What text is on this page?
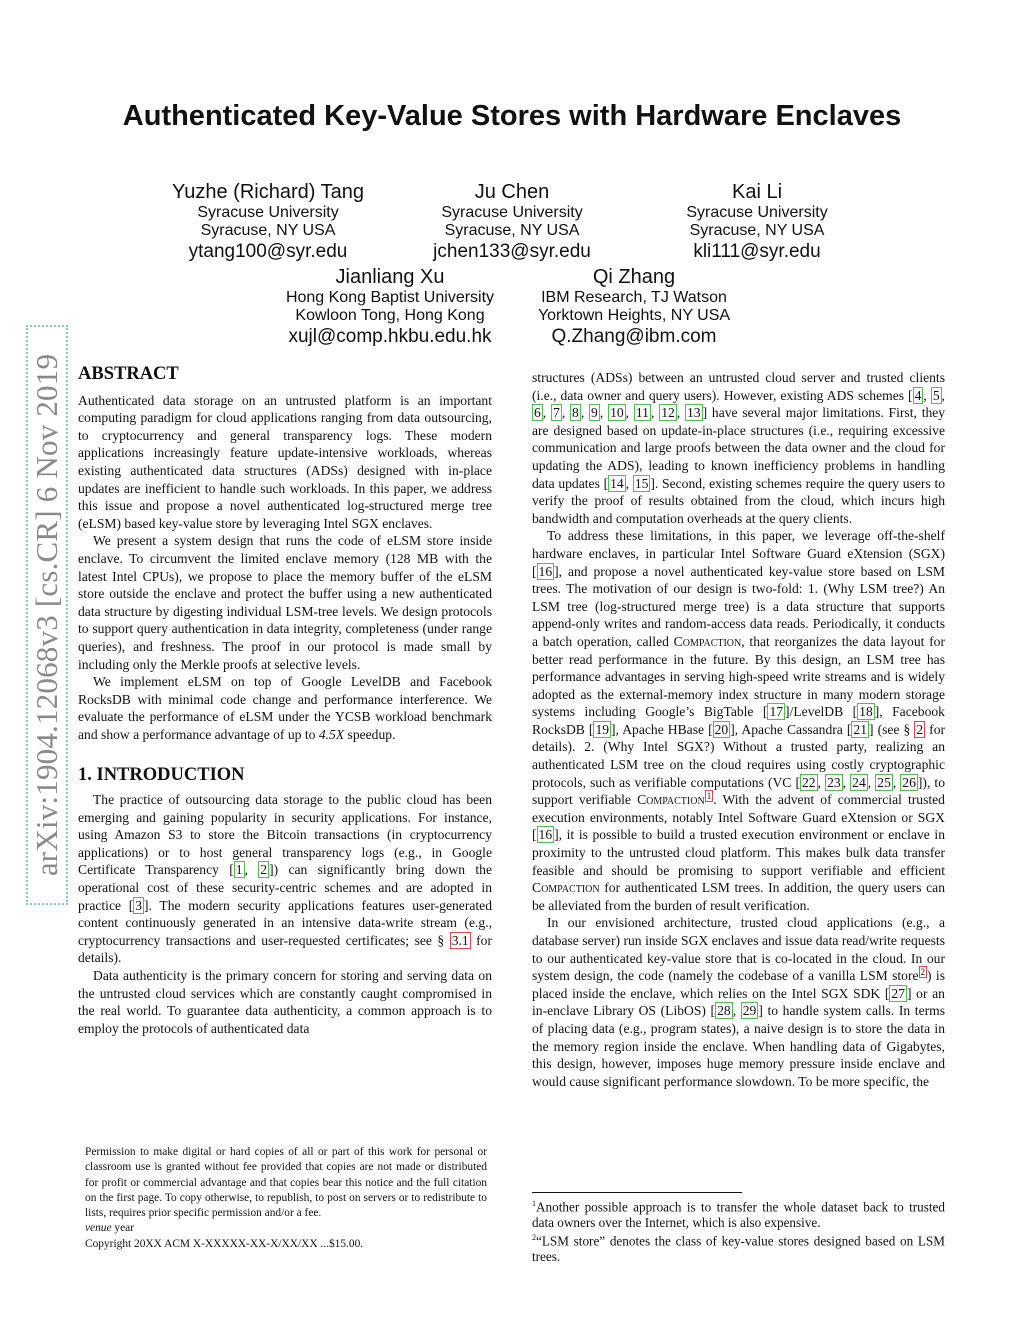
arXiv:1904.12068v3 [cs.CR] 6 Nov 2019
Authenticated Key-Value Stores with Hardware Enclaves
Yuzhe (Richard) Tang
Syracuse University
Syracuse, NY USA
ytang100@syr.edu
Ju Chen
Syracuse University
Syracuse, NY USA
jchen133@syr.edu
Kai Li
Syracuse University
Syracuse, NY USA
kli111@syr.edu
Jianliang Xu
Hong Kong Baptist University
Kowloon Tong, Hong Kong
xujl@comp.hkbu.edu.hk
Qi Zhang
IBM Research, TJ Watson
Yorktown Heights, NY USA
Q.Zhang@ibm.com
ABSTRACT

Authenticated data storage on an untrusted platform is an important computing paradigm for cloud applications ranging from data outsourcing, to cryptocurrency and general transparency logs. These modern applications increasingly feature update-intensive workloads, whereas existing authenticated data structures (ADSs) designed with in-place updates are inefficient to handle such workloads. In this paper, we address this issue and propose a novel authenticated log-structured merge tree (eLSM) based key-value store by leveraging Intel SGX enclaves.

We present a system design that runs the code of eLSM store inside enclave. To circumvent the limited enclave memory (128 MB with the latest Intel CPUs), we propose to place the memory buffer of the eLSM store outside the enclave and protect the buffer using a new authenticated data structure by digesting individual LSM-tree levels. We design protocols to support query authentication in data integrity, completeness (under range queries), and freshness. The proof in our protocol is made small by including only the Merkle proofs at selective levels.

We implement eLSM on top of Google LevelDB and Facebook RocksDB with minimal code change and performance interference. We evaluate the performance of eLSM under the YCSB workload benchmark and show a performance advantage of up to 4.5X speedup.

1. INTRODUCTION

The practice of outsourcing data storage to the public cloud has been emerging and gaining popularity in security applications. For instance, using Amazon S3 to store the Bitcoin transactions (in cryptocurrency applications) or to host general transparency logs (e.g., in Google Certificate Transparency [ 1 , 2 ]) can significantly bring down the operational cost of these security-centric schemes and are adopted in practice [ 3 ]. The modern security applications features user-generated content continuously generated in an intensive data-write stream (e.g., cryptocurrency transactions and user-requested certificates; see § 3.1 for details).

Data authenticity is the primary concern for storing and serving data on the untrusted cloud services which are constantly caught compromised in the real world. To guarantee data authenticity, a common approach is to employ the protocols of authenticated data

Permission to make digital or hard copies of all or part of this work for personal or classroom use is granted without fee provided that copies are not made or distributed for profit or commercial advantage and that copies bear this notice and the full citation on the first page. To copy otherwise, to republish, to post on servers or to redistribute to lists, requires prior specific permission and/or a fee.

venue year

Copyright 20XX ACM X-XXXXX-XX-X/XX/XX ...$15.00.

structures (ADSs) between an untrusted cloud server and trusted clients (i.e., data owner and query users). However, existing ADS schemes [ 4 , 5 , 6 , 7 , 8 , 9 , 10 , 11 , 12 , 13 ] have several major limitations. First, they are designed based on update-in-place structures (i.e., requiring excessive communication and large proofs between the data owner and the cloud for updating the ADS), leading to known inefficiency problems in handling data updates [ 14 , 15 ]. Second, existing schemes require the query users to verify the proof of results obtained from the cloud, which incurs high bandwidth and computation overheads at the query clients.

To address these limitations, in this paper, we leverage off-the-shelf hardware enclaves, in particular Intel Software Guard eXtension (SGX) [ 16 ], and propose a novel authenticated key-value store based on LSM trees. The motivation of our design is two-fold: 1. (Why LSM tree?) An LSM tree (log-structured merge tree) is a data structure that supports append-only writes and random-access data reads. Periodically, it conducts a batch operation, called Compaction, that reorganizes the data layout for better read performance in the future. By this design, an LSM tree has performance advantages in serving high-speed write streams and is widely adopted as the external-memory index structure in many modern storage systems including Google’s BigTable [ 17 ]/LevelDB [ 18 ], Facebook RocksDB [ 19 ], Apache HBase [ 20 ], Apache Cassandra [ 21 ] (see § 2 for details). 2. (Why Intel SGX?) Without a trusted party, realizing an authenticated LSM tree on the cloud requires using costly cryptographic protocols, such as verifiable computations (VC [ 22 , 23 , 24 , 25 , 26 ]), to support verifiable Compaction $^1$ . With the advent of commercial trusted execution environments, notably Intel Software Guard eXtension or SGX [ 16 ], it is possible to build a trusted execution environment or enclave in proximity to the untrusted cloud platform. This makes bulk data transfer feasible and should be promising to support verifiable and efficient Compaction for authenticated LSM trees. In addition, the query users can be alleviated from the burden of result verification.

In our envisioned architecture, trusted cloud applications (e.g., a database server) run inside SGX enclaves and issue data read/write requests to our authenticated key-value store that is co-located in the cloud. In our system design, the code (namely the codebase of a vanilla LSM store $^2$ ) is placed inside the enclave, which relies on the Intel SGX SDK [ 27 ] or an in-enclave Library OS (LibOS) [ 28 , 29 ] to handle system calls. In terms of placing data (e.g., program states), a naive design is to store the data in the memory region inside the enclave. When handling data of Gigabytes, this design, however, imposes huge memory pressure inside enclave and would cause significant performance slowdown. To be more specific, the

$^1$Another possible approach is to transfer the whole dataset back to trusted data owners over the Internet, which is also expensive.

$^2$“LSM store” denotes the class of key-value stores designed based on LSM trees.
